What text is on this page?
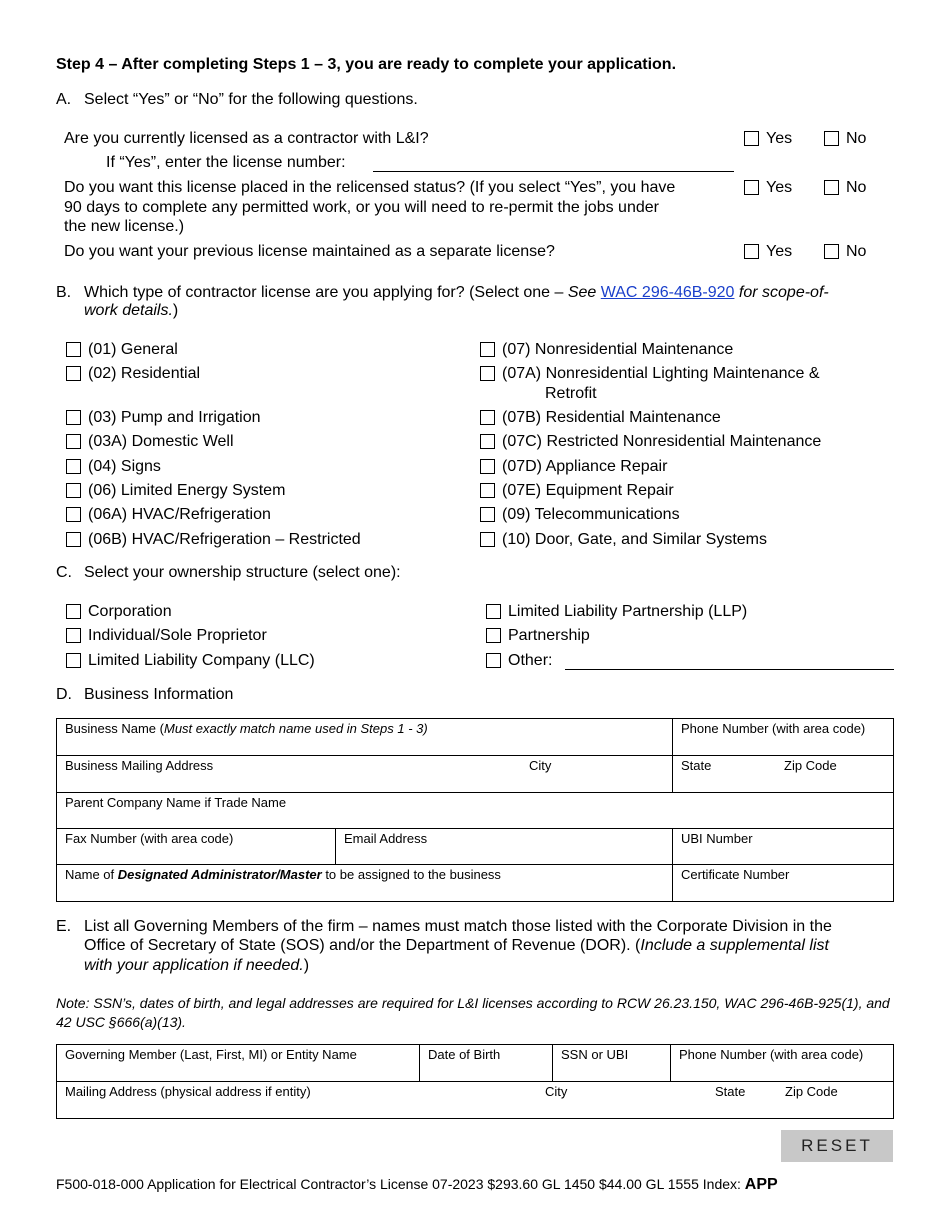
Step 4 – After completing Steps 1 – 3, you are ready to complete your application.
A. Select “Yes” or “No” for the following questions.
Are you currently licensed as a contractor with L&I?
If “Yes”, enter the license number:
Do you want this license placed in the relicensed status? (If you select “Yes”, you have
90 days to complete any permitted work, or you will need to re-permit the jobs under
the new license.)
Do you want your previous license maintained as a separate license?
Yes	No
Yes	No
Yes	No
B. Which type of contractor license are you applying for? (Select one – See WAC 296-46B-920 for scope-of-
work details.)
(01) General
(02) Residential
(03) Pump and Irrigation
(03A) Domestic Well
(04) Signs
(06) Limited Energy System
(06A) HVAC/Refrigeration
(06B) HVAC/Refrigeration – Restricted
(07) Nonresidential Maintenance
(07A) Nonresidential Lighting Maintenance &
Retrofit
(07B) Residential Maintenance
(07C) Restricted Nonresidential Maintenance
(07D) Appliance Repair
(07E) Equipment Repair
(09) Telecommunications
(10) Door, Gate, and Similar Systems
C. Select your ownership structure (select one):
Corporation
Individual/Sole Proprietor
Limited Liability Company (LLC)
Limited Liability Partnership (LLP)
Partnership
Other:
D. Business Information
Business Name (Must exactly match name used in Steps 1 - 3)	Phone Number (with area code)
Business Mailing Address	City	State	Zip Code
Parent Company Name if Trade Name
Fax Number (with area code)	Email Address	UBI Number
Name of Designated Administrator/Master to be assigned to the business	Certificate Number
E. List all Governing Members of the firm – names must match those listed with the Corporate Division in the
Office of Secretary of State (SOS) and/or the Department of Revenue (DOR). (Include a supplemental list
with your application if needed.)
Note: SSN’s, dates of birth, and legal addresses are required for L&I licenses according to RCW 26.23.150, WAC 296-46B-925(1), and 42 USC §666(a)(13).
Governing Member (Last, First, MI) or Entity Name	Date of Birth	SSN or UBI	Phone Number (with area code)
Mailing Address (physical address if entity)	City	State	Zip Code
RESET
F500-018-000 Application for Electrical Contractor’s License 07-2023 $293.60 GL 1450 $44.00 GL 1555 Index: APP
